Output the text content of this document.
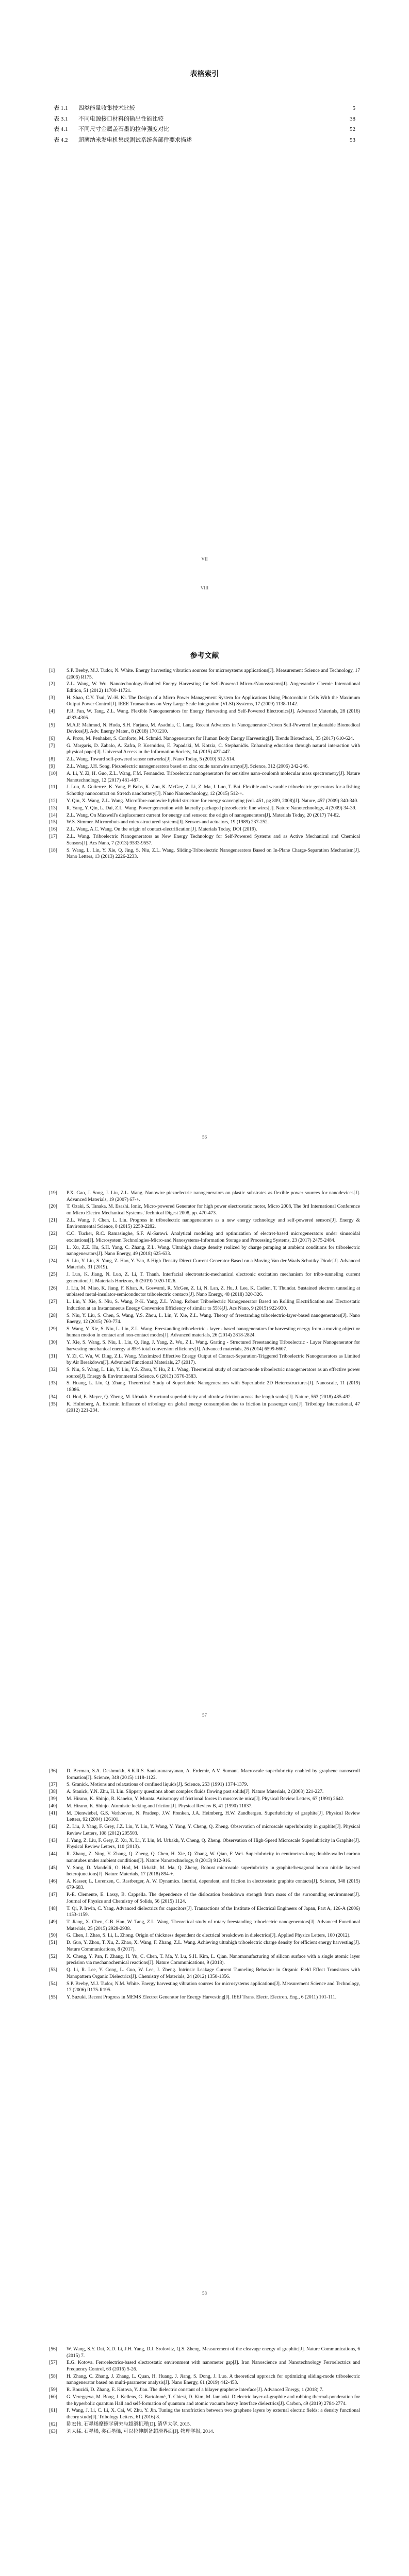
表格索引
表 1.1	四类能量收集技术比较	5
表 3.1	不同电源接口材料的输出性能比较	38
表 4.1	不同尺寸金属盖石墨的拉伸强度对比	52
表 4.2	超薄纳米发电机集成测试系统各部件要求描述	53
VII
VIII
参考文献
[1]	S.P. Beeby, M.J. Tudor, N. White. Energy harvesting vibration sources for microsystems applications[J]. Measurement Science and Technology, 17 (2006) R175.
[2]	Z.L. Wang, W. Wu. Nanotechnology-Enabled Energy Harvesting for Self-Powered Micro-/Nanosystems[J]. Angewandte Chemie International Edition, 51 (2012) 11700-11721.
[3]	H. Shao, C.Y. Tsui, W.-H. Ki. The Design of a Micro Power Management System for Applications Using Photovoltaic Cells With the Maximum Output Power Control[J]. IEEE Transactions on Very Large Scale Integration (VLSI) Systems, 17 (2009) 1138-1142.
[4]	F.R. Fan, W. Tang, Z.L. Wang. Flexible Nanogenerators for Energy Harvesting and Self-Powered Electronics[J]. Advanced Materials, 28 (2016) 4283-4305.
[5]	M.A.P. Mahmud, N. Huda, S.H. Farjana, M. Asadnia, C. Lang. Recent Advances in Nanogenerator-Driven Self-Powered Implantable Biomedical Devices[J]. Adv. Energy Mater., 8 (2018) 1701210.
[6]	A. Proto, M. Penhaker, S. Conforto, M. Schmid. Nanogenerators for Human Body Energy Harvesting[J]. Trends Biotechnol., 35 (2017) 610-624.
[7]	G. Margaris, D. Zabalo, A. Zafra, P. Kosmidou, E. Papadaki, M. Kotzia, C. Stephanidis. Enhancing education through natural interaction with physical paper[J]. Universal Access in the Information Society, 14 (2015) 427-447.
[8]	Z.L. Wang. Toward self-powered sensor networks[J]. Nano Today, 5 (2010) 512-514.
[9]	Z.L. Wang, J.H. Song. Piezoelectric nanogenerators based on zinc oxide nanowire arrays[J]. Science, 312 (2006) 242-246.
[10]	A. Li, Y. Zi, H. Guo, Z.L. Wang, F.M. Fernandez. Triboelectric nanogenerators for sensitive nano-coulomb molecular mass spectrometry[J]. Nature Nanotechnology, 12 (2017) 481-487.
[11]	J. Luo, A. Gutierrez, K. Yang, P. Bobs, K. Zou, K. McGee, Z. Li, Z. Ma, J. Luo, T. Bai. Flexible and wearable triboelectric generators for a fishing Schottky nanocontact on Stretch nanobattery[J]. Nano Nanotechnology, 12 (2015) 512-+.
[12]	Y. Qin, X. Wang, Z.L. Wang. Microfibre-nanowire hybrid structure for energy scavenging (vol. 451, pg 809, 2008)[J]. Nature, 457 (2009) 340-340.
[13]	R. Yang, Y. Qin, L. Dai, Z.L. Wang. Power generation with laterally packaged piezoelectric fine wires[J]. Nature Nanotechnology, 4 (2009) 34-39.
[14]	Z.L. Wang. On Maxwell's displacement current for energy and sensors: the origin of nanogenerators[J]. Materials Today, 20 (2017) 74-82.
[15]	W.S. Simmer. Microrobots and microstructured systems[J]. Sensors and actuators, 19 (1989) 237-252.
[16]	Z.L. Wang, A.C. Wang. On the origin of contact-electrification[J]. Materials Today, DOI (2019).
[17]	Z.L. Wang. Triboelectric Nanogenerators as New Energy Technology for Self-Powered Systems and as Active Mechanical and Chemical Sensors[J]. Acs Nano, 7 (2013) 9533-9557.
[18]	S. Wang, L. Lin, Y. Xie, Q. Jing, S. Niu, Z.L. Wang. Sliding-Triboelectric Nanogenerators Based on In-Plane Charge-Separation Mechanism[J]. Nano Letters, 13 (2013) 2226-2233.
56
[19]	P.X. Gao, J. Song, J. Liu, Z.L. Wang. Nanowire piezoelectric nanogenerators on plastic substrates as flexible power sources for nanodevices[J]. Advanced Materials, 19 (2007) 67-+.
[20]	T. Ozaki, S. Tanaka, M. Esashi. Ionic, Micro-powered Generator for high power electrostatic motor, Micro 2008, The 3rd International Conference on Micro Electro Mechanical Systems, Technical Digest 2008, pp. 470-473.
[21]	Z.L. Wang, J. Chen, L. Lin. Progress in triboelectric nanogenerators as a new energy technology and self-powered sensors[J]. Energy & Environmental Science, 8 (2015) 2250-2282.
[22]	C.C. Tucker, R.C. Ramasinghe, S.F. Al-Sarawi. Analytical modeling and optimization of electret-based microgenerators under sinusoidal excitations[J]. Microsystem Technologies-Micro-and Nanosystems-Information Storage and Processing Systems, 23 (2017) 2475-2484.
[23]	L. Xu, Z.Z. Hu, S.H. Yang, C. Zhang, Z.L. Wang. Ultrahigh charge density realized by charge pumping at ambient conditions for triboelectric nanogenerators[J]. Nano Energy, 49 (2018) 625-633.
[24]	S. Liu, Y. Liu, S. Yang, Z. Hao, Y. Yan, A High Density Direct Current Generator Based on a Moving Van der Waals Schottky Diode[J]. Advanced Materials, 31 (2019).
[25]	J. Luo, K. Jiang, N. Luo, Z. Li, T. Thanh. Interfacial electrostatic-mechanical electronic excitation mechanism for tribo-tunneling current generation[J]. Materials Horizons, 6 (2019) 1020-1026.
[26]	J. Liu, M. Miao, K. Jiang, F. Khan, A. Goswami, R. McGee, Z. Li, N. Lan, Z. Hu, J. Lee, K. Cadien, T. Thundat. Sustained electron tunneling at unbiased metal-insulator-semiconductor triboelectric contacts[J]. Nano Energy, 48 (2018) 320-326.
[27]	L. Lin, Y. Xie, S. Niu, S. Wang, P.-K. Yang, Z.L. Wang. Robust Triboelectric Nanogenerator Based on Rolling Electrification and Electrostatic Induction at an Instantaneous Energy Conversion Efficiency of similar to 55%[J]. Acs Nano, 9 (2015) 922-930.
[28]	S. Niu, Y. Liu, S. Chen, S. Wang, Y.S. Zhou, L. Lin, Y. Xie, Z.L. Wang. Theory of freestanding triboelectric-layer-based nanogenerators[J]. Nano Energy, 12 (2015) 760-774.
[29]	S. Wang, Y. Xie, S. Niu, L. Lin, Z.L. Wang. Freestanding triboelectric - layer - based nanogenerators for harvesting energy from a moving object or human motion in contact and non-contact modes[J]. Advanced materials, 26 (2014) 2818-2824.
[30]	Y. Xie, S. Wang, S. Niu, L. Lin, Q. Jing, J. Yang, Z. Wu, Z.L. Wang. Grating - Structured Freestanding Triboelectric - Layer Nanogenerator for harvesting mechanical energy at 85% total conversion efficiency[J]. Advanced materials, 26 (2014) 6599-6607.
[31]	Y. Zi, C. Wu, W. Ding, Z.L. Wang. Maximized Effective Energy Output of Contact-Separation-Triggered Triboelectric Nanogenerators as Limited by Air Breakdown[J]. Advanced Functional Materials, 27 (2017).
[32]	S. Niu, S. Wang, L. Lin, Y. Liu, Y.S. Zhou, Y. Hu, Z.L. Wang. Theoretical study of contact-mode triboelectric nanogenerators as an effective power source[J]. Energy & Environmental Science, 6 (2013) 3576-3583.
[33]	S. Huang, L. Liu, Q. Zhang. Theoretical Study of Superlubric Nanogenerators with Superlubric 2D Heterostructures[J]. Nanoscale, 11 (2019) 18086.
[34]	O. Hod, E. Meyer, Q. Zheng, M. Urbakh. Structural superlubricity and ultralow friction across the length scales[J]. Nature, 563 (2018) 485-492.
[35]	K. Holmberg, A. Erdemir. Influence of tribology on global energy consumption due to friction in passenger cars[J]. Tribology International, 47 (2012) 221-234.
57
[36]	D. Berman, S.A. Deshmukh, S.K.R.S. Sankaranarayanan, A. Erdemir, A.V. Sumant. Macroscale superlubricity enabled by graphene nanoscroll formation[J]. Science, 348 (2015) 1118-1122.
[37]	S. Granick. Motions and relaxations of confined liquids[J]. Science, 253 (1991) 1374-1379.
[38]	A. Stanick, Y.N. Zhu, H. Lin. Slippery questions about complex fluids flowing past solids[J]. Nature Materials, 2 (2003) 221-227.
[39]	M. Hirano, K. Shinjo, R. Kaneko, Y. Murata. Anisotropy of frictional forces in muscovite mica[J]. Physical Review Letters, 67 (1991) 2642.
[40]	M. Hirano, K. Shinjo. Atomistic locking and friction[J]. Physical Review B, 41 (1990) 11837.
[41]	M. Dienwiebel, G.S. Verhoeven, N. Pradeep, J.W. Frenken, J.A. Heimberg, H.W. Zandbergen. Superlubricity of graphite[J]. Physical Review Letters, 92 (2004) 126101.
[42]	Z. Liu, J. Yang, F. Grey, J.Z. Liu, Y. Liu, Y. Wang, Y. Yang, Y. Cheng, Q. Zheng. Observation of microscale superlubricity in graphite[J]. Physical Review Letters, 108 (2012) 205503.
[43]	J. Yang, Z. Liu, F. Grey, Z. Xu, X. Li, Y. Liu, M. Urbakh, Y. Cheng, Q. Zheng. Observation of High-Speed Microscale Superlubricity in Graphite[J]. Physical Review Letters, 110 (2013).
[44]	R. Zhang, Z. Ning, Y. Zhang, Q. Zheng, Q. Chen, H. Xie, Q. Zhang, W. Qian, F. Wei. Superlubricity in centimetres-long double-walled carbon nanotubes under ambient conditions[J]. Nature Nanotechnology, 8 (2013) 912-916.
[45]	Y. Song, D. Mandelli, O. Hod, M. Urbakh, M. Ma, Q. Zheng. Robust microscale superlubricity in graphite/hexagonal boron nitride layered heterojunctions[J]. Nature Materials, 17 (2018) 894-+.
[46]	A. Kasser, L. Lorenzen, C. Rastberger, A. W. Dynamics. Inertial, dependent, and friction in electrostatic graphite contacts[J]. Science, 348 (2015) 679-683.
[47]	P.-E. Clemente, E. Lassy, B. Cappella. The dependence of the dislocation breakdown strength from mass of the surrounding environment[J]. Journal of Physics and Chemistry of Solids, 56 (2015) 1124.
[48]	T. Qi, P. Irwin, C. Yang. Advanced dielectrics for capacitors[J]. Transactions of the Institute of Electrical Engineers of Japan, Part A, 126-A (2006) 1153-1159.
[49]	T. Jiang, X. Chen, C.B. Han, W. Tang, Z.L. Wang. Theoretical study of rotary freestanding triboelectric nanogenerators[J]. Advanced Functional Materials, 25 (2015) 2928-2938.
[50]	G. Chen, J. Zhao, S. Li, L. Zhong. Origin of thickness dependent dc electrical breakdown in dielectrics[J]. Applied Physics Letters, 100 (2012).
[51]	D. Guo, Y. Zhou, T. Xu, Z. Zhao, X. Wang, F. Zhang, Z.L. Wang. Achieving ultrahigh triboelectric charge density for efficient energy harvesting[J]. Nature Communications, 8 (2017).
[52]	X. Cheng, Y. Pan, F. Zhang, H. Yu, C. Chen, T. Ma, Y. Lu, S.H. Kim, L. Qian. Nanomanufacturing of silicon surface with a single atomic layer precision via mechanochemical reactions[J]. Nature Communications, 9 (2018).
[53]	Q. Li, R. Lee, Y. Gong, L. Guo, W. Lee, J. Zheng. Intrinsic Leakage Current Tunneling Behavior in Organic Field Effect Transistors with Nanopattern Organic Dielectrics[J]. Chemistry of Materials, 24 (2012) 1350-1356.
[54]	S.P. Beeby, M.J. Tudor, N.M. White. Energy harvesting vibration sources for microsystems applications[J]. Measurement Science and Technology, 17 (2006) R175-R195.
[55]	Y. Suzuki. Recent Progress in MEMS Electret Generator for Energy Harvesting[J]. IEEJ Trans. Electr. Electron. Eng., 6 (2011) 101-111.
58
[56]	W. Wang, S.Y. Dai, X.D. Li, J.H. Yang, D.J. Srolovitz, Q.S. Zheng. Measurement of the cleavage energy of graphite[J]. Nature Communications, 6 (2015) 7.
[57]	E.G. Kotova. Ferroelectrics-based electrostatic environment with nanometer gap[J]. Iran Nanoscience and Nanotechnology Ferroelectrics and Frequency Control, 63 (2016) 5-26.
[58]	H. Zhang, C. Zhang, J. Zhang, L. Quan, H. Huang, J. Jiang, S. Dong, J. Luo. A theoretical approach for optimizing sliding-mode triboelectric nanogenerator based on multi-parameter analysis[J]. Nano Energy, 61 (2019) 442-453.
[59]	R. Bouzidi, D. Zhang, E. Kotova, Y. Jian. The dielectric constant of a bilayer graphene interface[J]. Advanced Energy, 1 (2018) 7.
[60]	G. Vereggeva, M. Boog, J. Kellens, G. Bartolomé, T. Chiesi, D. Kim, M. Iamaoki. Dielectric layer-of-graphite and rubbing thermal-ponderation for the hyperbolic quantum Hall and self-formation of quantum and atomic vacuum heavy Interface dielectrics[J]. Carbon, 49 (2019) 2784-2774.
[61]	F. Wang, J. Li, C. Li, X. Cai, W. Zhu, Y. Jin. Tuning the tanofriction between two graphene layers by external electric fields: a density functional theory study[J]. Tribology Letters, 61 (2016) 8.
[62]	陈宏伟. 石墨烯摩擦学研究与超滑机理[D]. 清华大学. 2015.
[63]	刘大猛. 石墨烯, 类石墨烯, 可以拉伸制备超滑界面[J]. 物理学报, 2014.
